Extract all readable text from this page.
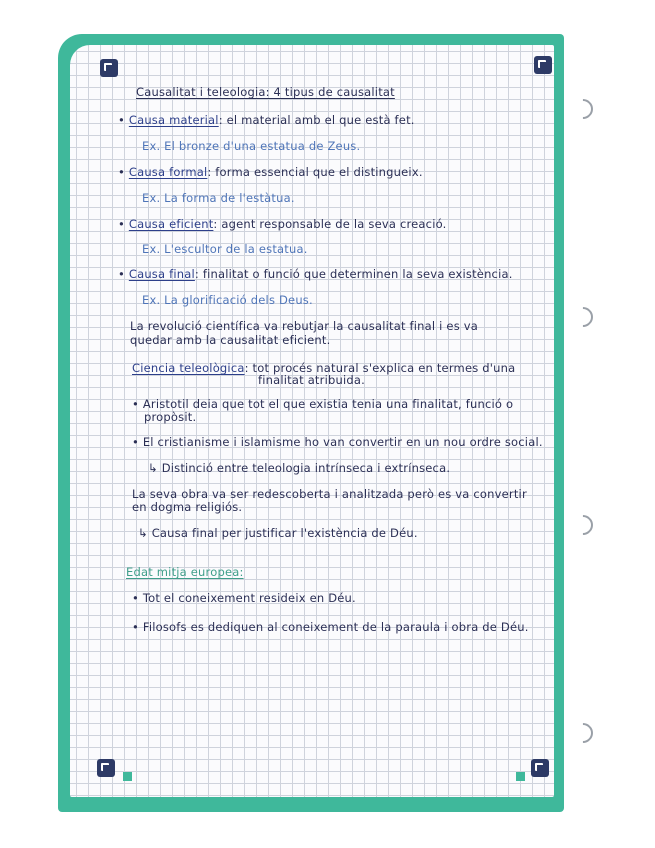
Causalitat i teleologia: 4 tipus de causalitat
• Causa material: el material amb el que està fet.
Ex. El bronze d'una estatua de Zeus.
• Causa formal: forma essencial que el distingueix.
Ex. La forma de l'estàtua.
• Causa eficient: agent responsable de la seva creació.
Ex. L'escultor de la estatua.
• Causa final: finalitat o funció que determinen la seva existència.
Ex. La glorificació dels Deus.
La revolució científica va rebutjar la causalitat final i es va
quedar amb la causalitat eficient.
Ciencia teleològica: tot procés natural s'explica en termes d'una
finalitat atribuida.
• Aristotil deia que tot el que existia tenia una finalitat, funció o
propòsit.
• El cristianisme i islamisme ho van convertir en un nou ordre social.
↳ Distinció entre teleologia intrínseca i extrínseca.
La seva obra va ser redescoberta i analitzada però es va convertir
en dogma religiós.
↳ Causa final per justificar l'existència de Déu.
Edat mitja europea:
• Tot el coneixement resideix en Déu.
• Filosofs es dediquen al coneixement de la paraula i obra de Déu.
